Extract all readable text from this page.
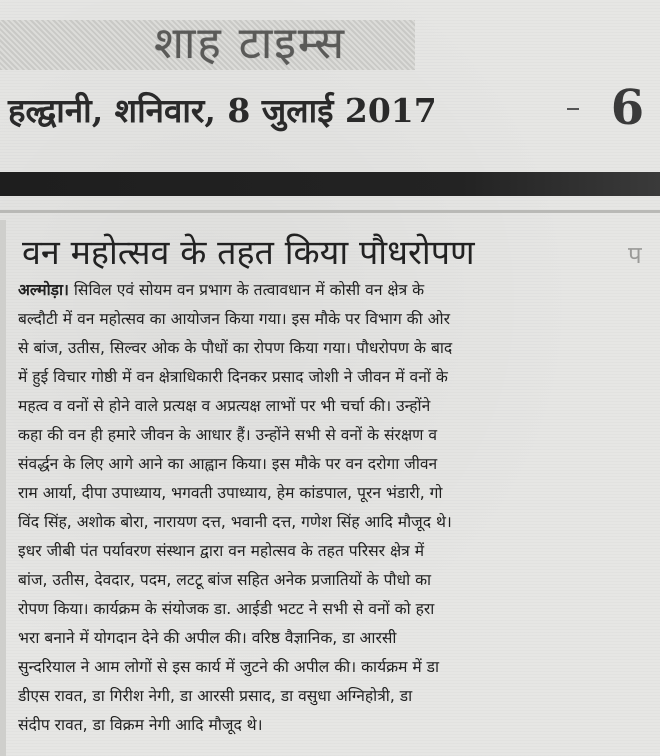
शाह टाइम्स
हल्द्वानी, शनिवार, 8 जुलाई 2017	6
वन महोत्सव के तहत किया पौधरोपण	प
अल्मोड़ा। सिविल एवं सोयम वन प्रभाग के तत्वावधान में कोसी वन क्षेत्र के
बल्दौटी में वन महोत्सव का आयोजन किया गया। इस मौके पर विभाग की ओर
से बांज, उतीस, सिल्वर ओक के पौधों का रोपण किया गया। पौधरोपण के बाद
में हुई विचार गोष्ठी में वन क्षेत्राधिकारी दिनकर प्रसाद जोशी ने जीवन में वनों के
महत्व व वनों से होने वाले प्रत्यक्ष व अप्रत्यक्ष लाभों पर भी चर्चा की। उन्होंने
कहा की वन ही हमारे जीवन के आधार हैं। उन्होंने सभी से वनों के संरक्षण व
संवर्द्धन के लिए आगे आने का आह्वान किया। इस मौके पर वन दरोगा जीवन
राम आर्या, दीपा उपाध्याय, भगवती उपाध्याय, हेम कांडपाल, पूरन भंडारी, गो
विंद सिंह, अशोक बोरा, नारायण दत्त, भवानी दत्त, गणेश सिंह आदि मौजूद थे।
इधर जीबी पंत पर्यावरण संस्थान द्वारा वन महोत्सव के तहत परिसर क्षेत्र में
बांज, उतीस, देवदार, पदम, लटटू बांज सहित अनेक प्रजातियों के पौधो का
रोपण किया। कार्यक्रम के संयोजक डा. आईडी भटट ने सभी से वनों को हरा
भरा बनाने में योगदान देने की अपील की। वरिष्ठ वैज्ञानिक, डा आरसी
सुन्दरियाल ने आम लोगों से इस कार्य में जुटने की अपील की। कार्यक्रम में डा
डीएस रावत, डा गिरीश नेगी, डा आरसी प्रसाद, डा वसुधा अग्निहोत्री, डा
संदीप रावत, डा विक्रम नेगी आदि मौजूद थे।
